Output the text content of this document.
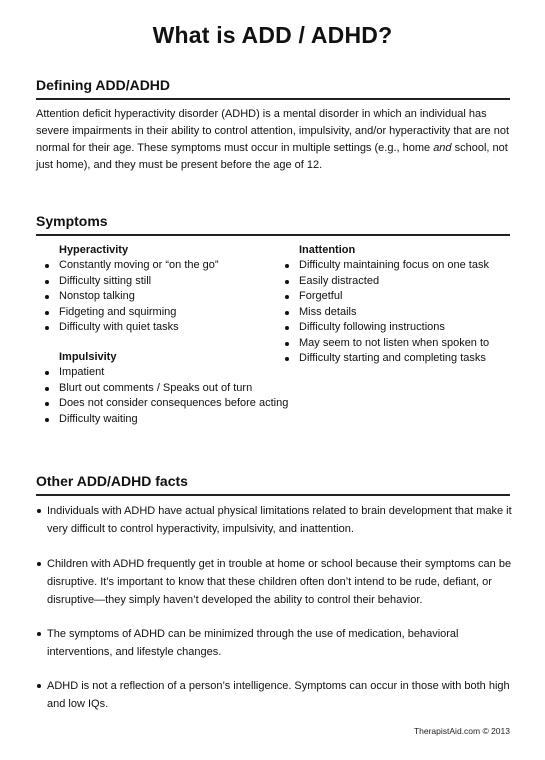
What is ADD / ADHD?
Defining ADD/ADHD
Attention deficit hyperactivity disorder (ADHD) is a mental disorder in which an individual has severe impairments in their ability to control attention, impulsivity, and/or hyperactivity that are not normal for their age. These symptoms must occur in multiple settings (e.g., home and school, not just home), and they must be present before the age of 12.
Symptoms
Hyperactivity
Constantly moving or “on the go”
Difficulty sitting still
Nonstop talking
Fidgeting and squirming
Difficulty with quiet tasks
Impulsivity
Impatient
Blurt out comments / Speaks out of turn
Does not consider consequences before acting
Difficulty waiting
Inattention
Difficulty maintaining focus on one task
Easily distracted
Forgetful
Miss details
Difficulty following instructions
May seem to not listen when spoken to
Difficulty starting and completing tasks
Other ADD/ADHD facts
Individuals with ADHD have actual physical limitations related to brain development that make it very difficult to control hyperactivity, impulsivity, and inattention.
Children with ADHD frequently get in trouble at home or school because their symptoms can be disruptive. It’s important to know that these children often don’t intend to be rude, defiant, or disruptive—they simply haven’t developed the ability to control their behavior.
The symptoms of ADHD can be minimized through the use of medication, behavioral interventions, and lifestyle changes.
ADHD is not a reflection of a person’s intelligence. Symptoms can occur in those with both high and low IQs.
TherapistAid.com © 2013
